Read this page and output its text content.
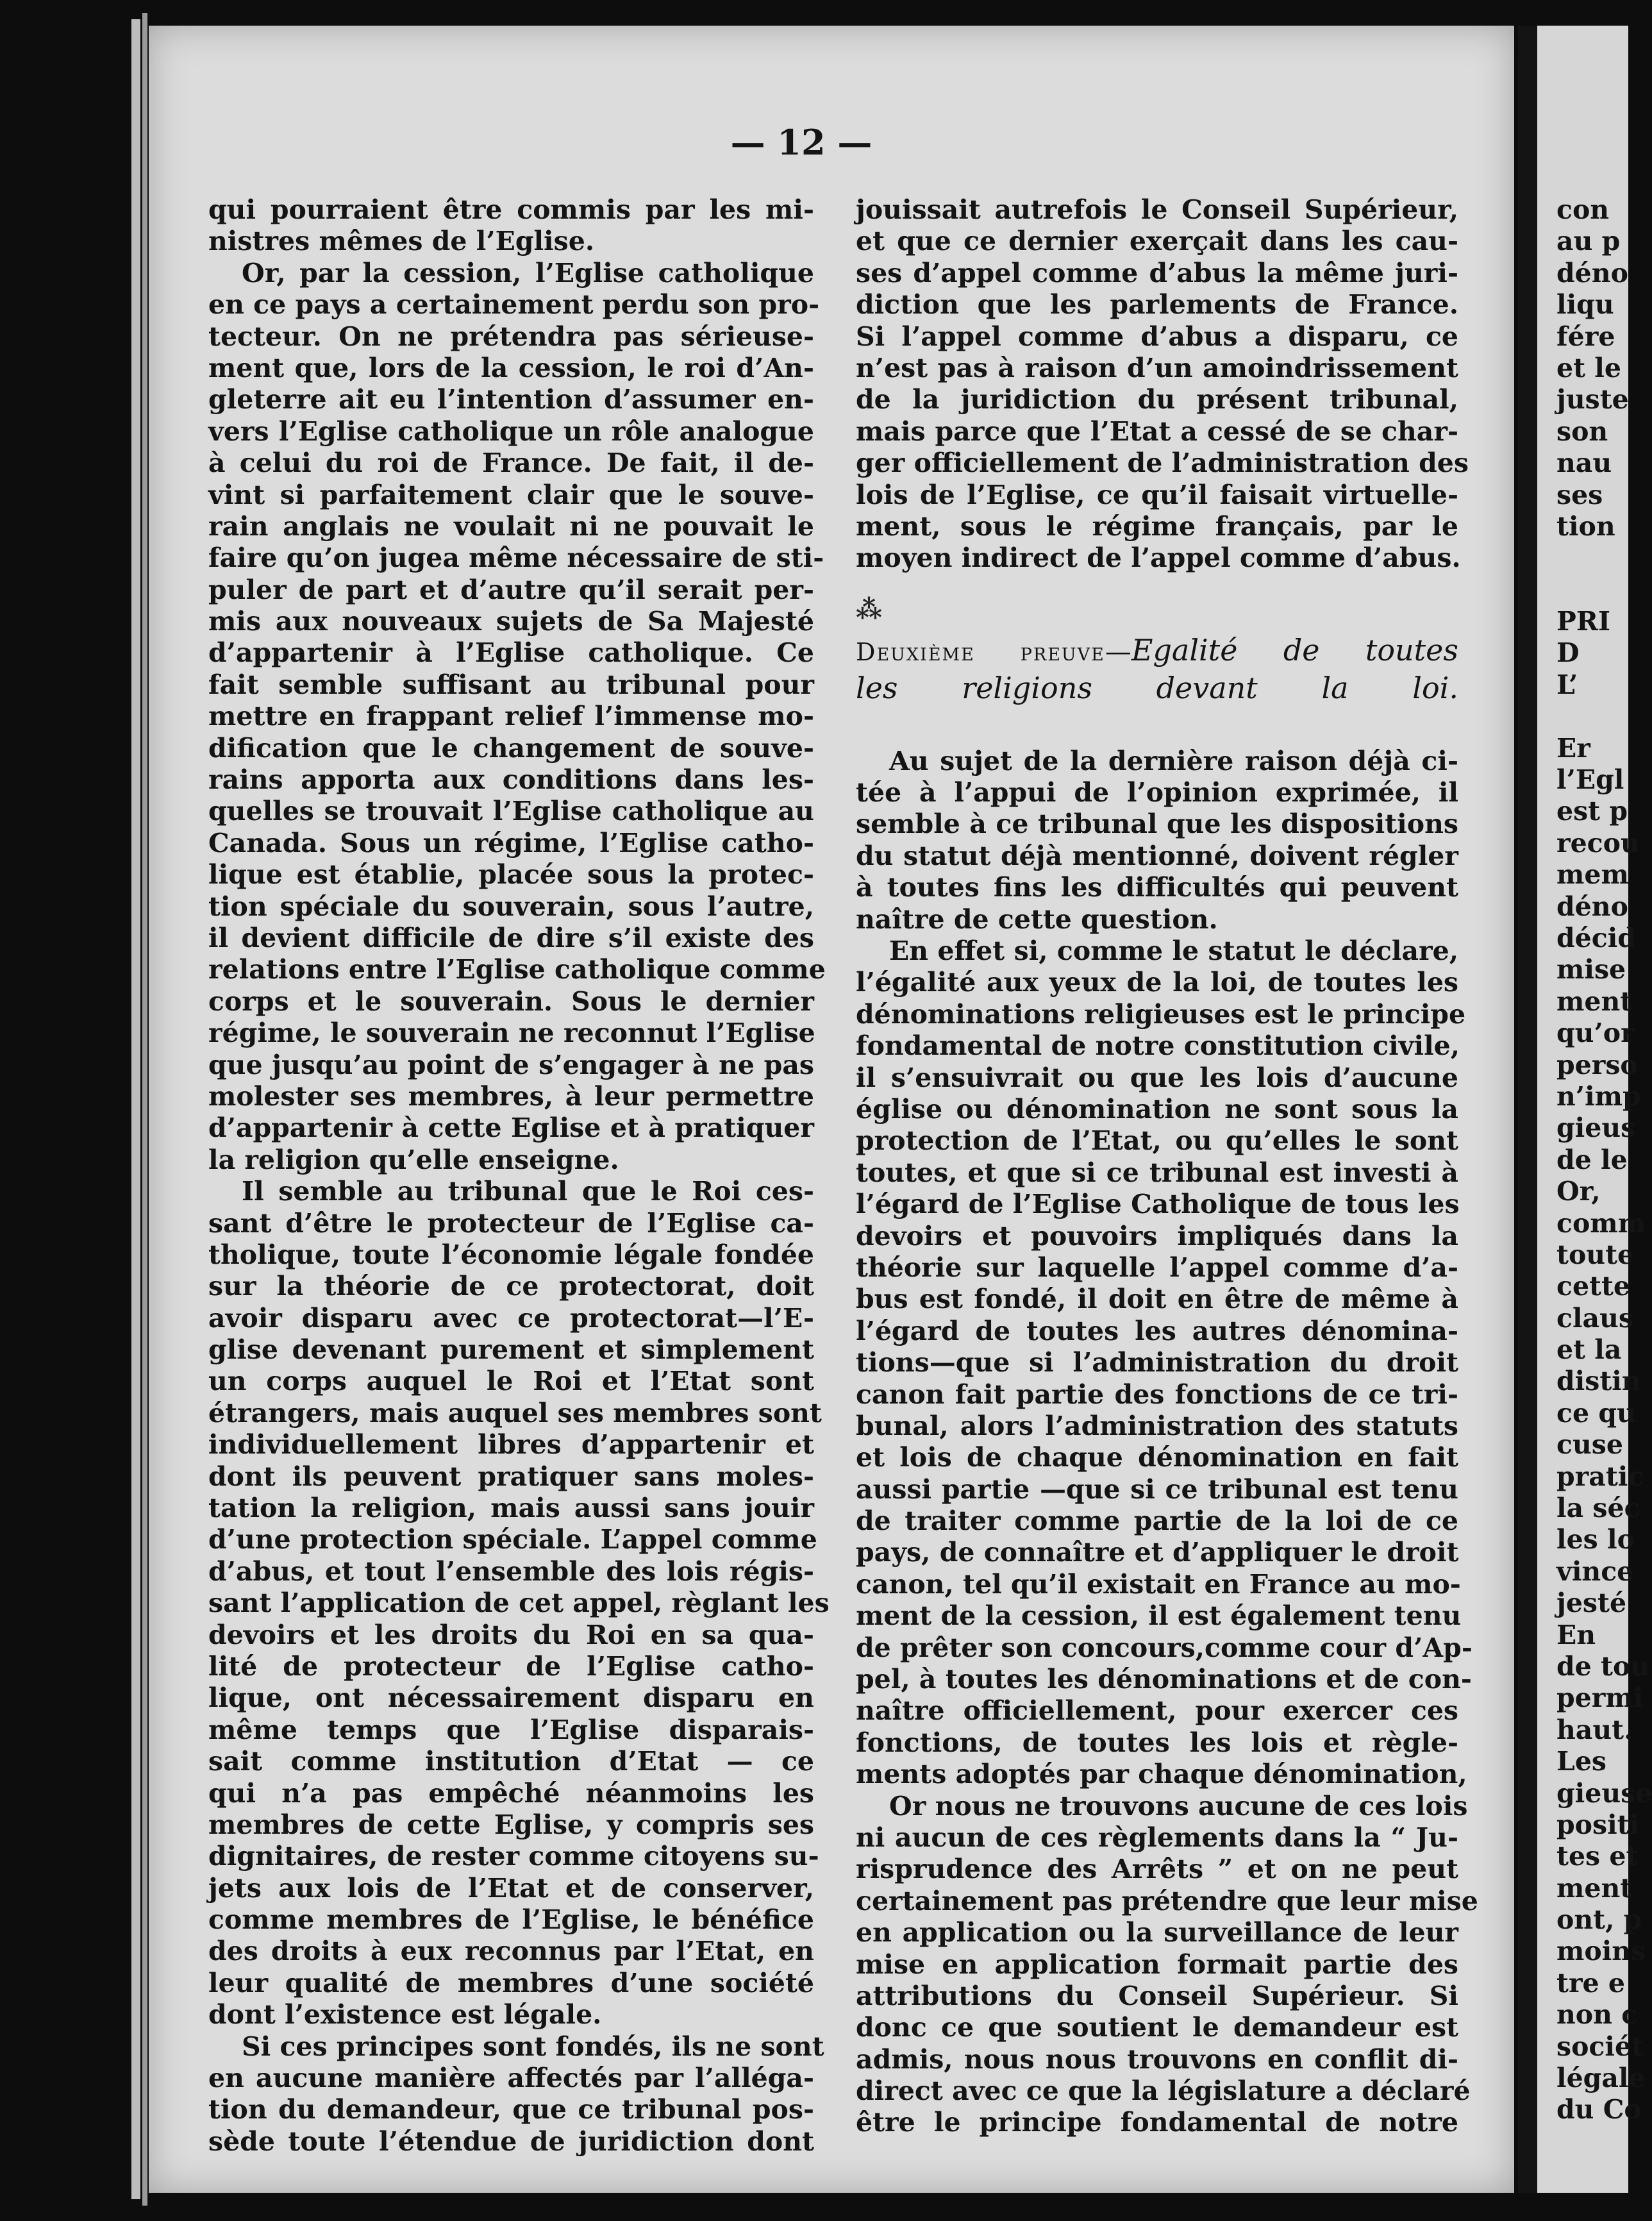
— 12 —
qui pourraient être commis par les mi-
nistres mêmes de l’Eglise.
Or, par la cession, l’Eglise catholique
en ce pays a certainement perdu son pro-
tecteur. On ne prétendra pas sérieuse-
ment que, lors de la cession, le roi d’An-
gleterre ait eu l’intention d’assumer en-
vers l’Eglise catholique un rôle analogue
à celui du roi de France. De fait, il de-
vint si parfaitement clair que le souve-
rain anglais ne voulait ni ne pouvait le
faire qu’on jugea même nécessaire de sti-
puler de part et d’autre qu’il serait per-
mis aux nouveaux sujets de Sa Majesté
d’appartenir à l’Eglise catholique. Ce
fait semble suffisant au tribunal pour
mettre en frappant relief l’immense mo-
dification que le changement de souve-
rains apporta aux conditions dans les-
quelles se trouvait l’Eglise catholique au
Canada. Sous un régime, l’Eglise catho-
lique est établie, placée sous la protec-
tion spéciale du souverain, sous l’autre,
il devient difficile de dire s’il existe des
relations entre l’Eglise catholique comme
corps et le souverain. Sous le dernier
régime, le souverain ne reconnut l’Eglise
que jusqu’au point de s’engager à ne pas
molester ses membres, à leur permettre
d’appartenir à cette Eglise et à pratiquer
la religion qu’elle enseigne.
Il semble au tribunal que le Roi ces-
sant d’être le protecteur de l’Eglise ca-
tholique, toute l’économie légale fondée
sur la théorie de ce protectorat, doit
avoir disparu avec ce protectorat—l’E-
glise devenant purement et simplement
un corps auquel le Roi et l’Etat sont
étrangers, mais auquel ses membres sont
individuellement libres d’appartenir et
dont ils peuvent pratiquer sans moles-
tation la religion, mais aussi sans jouir
d’une protection spéciale. L’appel comme
d’abus, et tout l’ensemble des lois régis-
sant l’application de cet appel, règlant les
devoirs et les droits du Roi en sa qua-
lité de protecteur de l’Eglise catho-
lique, ont nécessairement disparu en
même temps que l’Eglise disparais-
sait comme institution d’Etat — ce
qui n’a pas empêché néanmoins les
membres de cette Eglise, y compris ses
dignitaires, de rester comme citoyens su-
jets aux lois de l’Etat et de conserver,
comme membres de l’Eglise, le bénéfice
des droits à eux reconnus par l’Etat, en
leur qualité de membres d’une société
dont l’existence est légale.
Si ces principes sont fondés, ils ne sont
en aucune manière affectés par l’alléga-
tion du demandeur, que ce tribunal pos-
sède toute l’étendue de juridiction dont
jouissait autrefois le Conseil Supérieur,
et que ce dernier exerçait dans les cau-
ses d’appel comme d’abus la même juri-
diction que les parlements de France.
Si l’appel comme d’abus a disparu, ce
n’est pas à raison d’un amoindrissement
de la juridiction du présent tribunal,
mais parce que l’Etat a cessé de se char-
ger officiellement de l’administration des
lois de l’Eglise, ce qu’il faisait virtuelle-
ment, sous le régime français, par le
moyen indirect de l’appel comme d’abus.
⁂
Deuxième preuve—Egalité de toutes
les religions devant la loi.
Au sujet de la dernière raison déjà ci-
tée à l’appui de l’opinion exprimée, il
semble à ce tribunal que les dispositions
du statut déjà mentionné, doivent régler
à toutes fins les difficultés qui peuvent
naître de cette question.
En effet si, comme le statut le déclare,
l’égalité aux yeux de la loi, de toutes les
dénominations religieuses est le principe
fondamental de notre constitution civile,
il s’ensuivrait ou que les lois d’aucune
église ou dénomination ne sont sous la
protection de l’Etat, ou qu’elles le sont
toutes, et que si ce tribunal est investi à
l’égard de l’Eglise Catholique de tous les
devoirs et pouvoirs impliqués dans la
théorie sur laquelle l’appel comme d’a-
bus est fondé, il doit en être de même à
l’égard de toutes les autres dénomina-
tions—que si l’administration du droit
canon fait partie des fonctions de ce tri-
bunal, alors l’administration des statuts
et lois de chaque dénomination en fait
aussi partie —que si ce tribunal est tenu
de traiter comme partie de la loi de ce
pays, de connaître et d’appliquer le droit
canon, tel qu’il existait en France au mo-
ment de la cession, il est également tenu
de prêter son concours,comme cour d’Ap-
pel, à toutes les dénominations et de con-
naître officiellement, pour exercer ces
fonctions, de toutes les lois et règle-
ments adoptés par chaque dénomination,
Or nous ne trouvons aucune de ces lois
ni aucun de ces règlements dans la “ Ju-
risprudence des Arrêts ” et on ne peut
certainement pas prétendre que leur mise
en application ou la surveillance de leur
mise en application formait partie des
attributions du Conseil Supérieur. Si
donc ce que soutient le demandeur est
admis, nous nous trouvons en conflit di-
direct avec ce que la législature a déclaré
être le principe fondamental de notre
con
au p
déno
liqu
fére
et le
juste
son
nau
ses
tion
PRI
D
L’
Er
l’Egl
est p
recou
mem
déno
décid
mise
ment
qu’or
perso
n’imp
gieus
de le
Or,
comm
toute
cette
claus
et la
distin
ce qu
cuse
pratic
la séc
les lo
vince
jesté
En
de tou
permi
haut.
Les
gieuse
positi
tes et
ment
ont, p
moins
tre e
non c
sociét
légale
du Co
